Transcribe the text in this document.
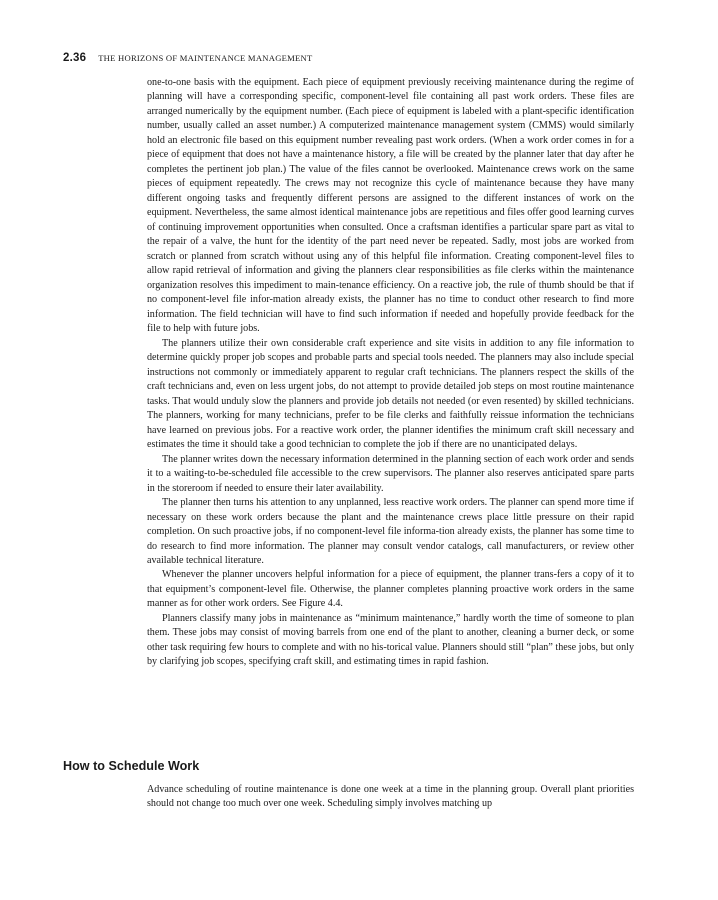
2.36 THE HORIZONS OF MAINTENANCE MANAGEMENT

one-to-one basis with the equipment. Each piece of equipment previously receiving maintenance during the regime of planning will have a corresponding specific, component-level file containing all past work orders. These files are arranged numerically by the equipment number. (Each piece of equipment is labeled with a plant-specific identification number, usually called an asset number.) A computerized maintenance management system (CMMS) would similarly hold an electronic file based on this equipment number revealing past work orders. (When a work order comes in for a piece of equipment that does not have a maintenance history, a file will be created by the planner later that day after he completes the pertinent job plan.) The value of the files cannot be overlooked. Maintenance crews work on the same pieces of equipment repeatedly. The crews may not recognize this cycle of maintenance because they have many different ongoing tasks and frequently different persons are assigned to the different instances of work on the equipment. Nevertheless, the same almost identical maintenance jobs are repetitious and files offer good learning curves of continuing improvement opportunities when consulted. Once a craftsman identifies a particular spare part as vital to the repair of a valve, the hunt for the identity of the part need never be repeated. Sadly, most jobs are worked from scratch or planned from scratch without using any of this helpful file information. Creating component-level files to allow rapid retrieval of information and giving the planners clear responsibilities as file clerks within the maintenance organization resolves this impediment to main-tenance efficiency. On a reactive job, the rule of thumb should be that if no component-level file infor-mation already exists, the planner has no time to conduct other research to find more information. The field technician will have to find such information if needed and hopefully provide feedback for the file to help with future jobs.

The planners utilize their own considerable craft experience and site visits in addition to any file information to determine quickly proper job scopes and probable parts and special tools needed. The planners may also include special instructions not commonly or immediately apparent to regular craft technicians. The planners respect the skills of the craft technicians and, even on less urgent jobs, do not attempt to provide detailed job steps on most routine maintenance tasks. That would unduly slow the planners and provide job details not needed (or even resented) by skilled technicians. The planners, working for many technicians, prefer to be file clerks and faithfully reissue information the technicians have learned on previous jobs. For a reactive work order, the planner identifies the minimum craft skill necessary and estimates the time it should take a good technician to complete the job if there are no unanticipated delays.

The planner writes down the necessary information determined in the planning section of each work order and sends it to a waiting-to-be-scheduled file accessible to the crew supervisors. The planner also reserves anticipated spare parts in the storeroom if needed to ensure their later availability.

The planner then turns his attention to any unplanned, less reactive work orders. The planner can spend more time if necessary on these work orders because the plant and the maintenance crews place little pressure on their rapid completion. On such proactive jobs, if no component-level file informa-tion already exists, the planner has some time to do research to find more information. The planner may consult vendor catalogs, call manufacturers, or review other available technical literature.

Whenever the planner uncovers helpful information for a piece of equipment, the planner trans-fers a copy of it to that equipment’s component-level file. Otherwise, the planner completes planning proactive work orders in the same manner as for other work orders. See Figure 4.4.

Planners classify many jobs in maintenance as “minimum maintenance,” hardly worth the time of someone to plan them. These jobs may consist of moving barrels from one end of the plant to another, cleaning a burner deck, or some other task requiring few hours to complete and with no his-torical value. Planners should still “plan” these jobs, but only by clarifying job scopes, specifying craft skill, and estimating times in rapid fashion.

How to Schedule Work

Advance scheduling of routine maintenance is done one week at a time in the planning group. Overall plant priorities should not change too much over one week. Scheduling simply involves matching up
